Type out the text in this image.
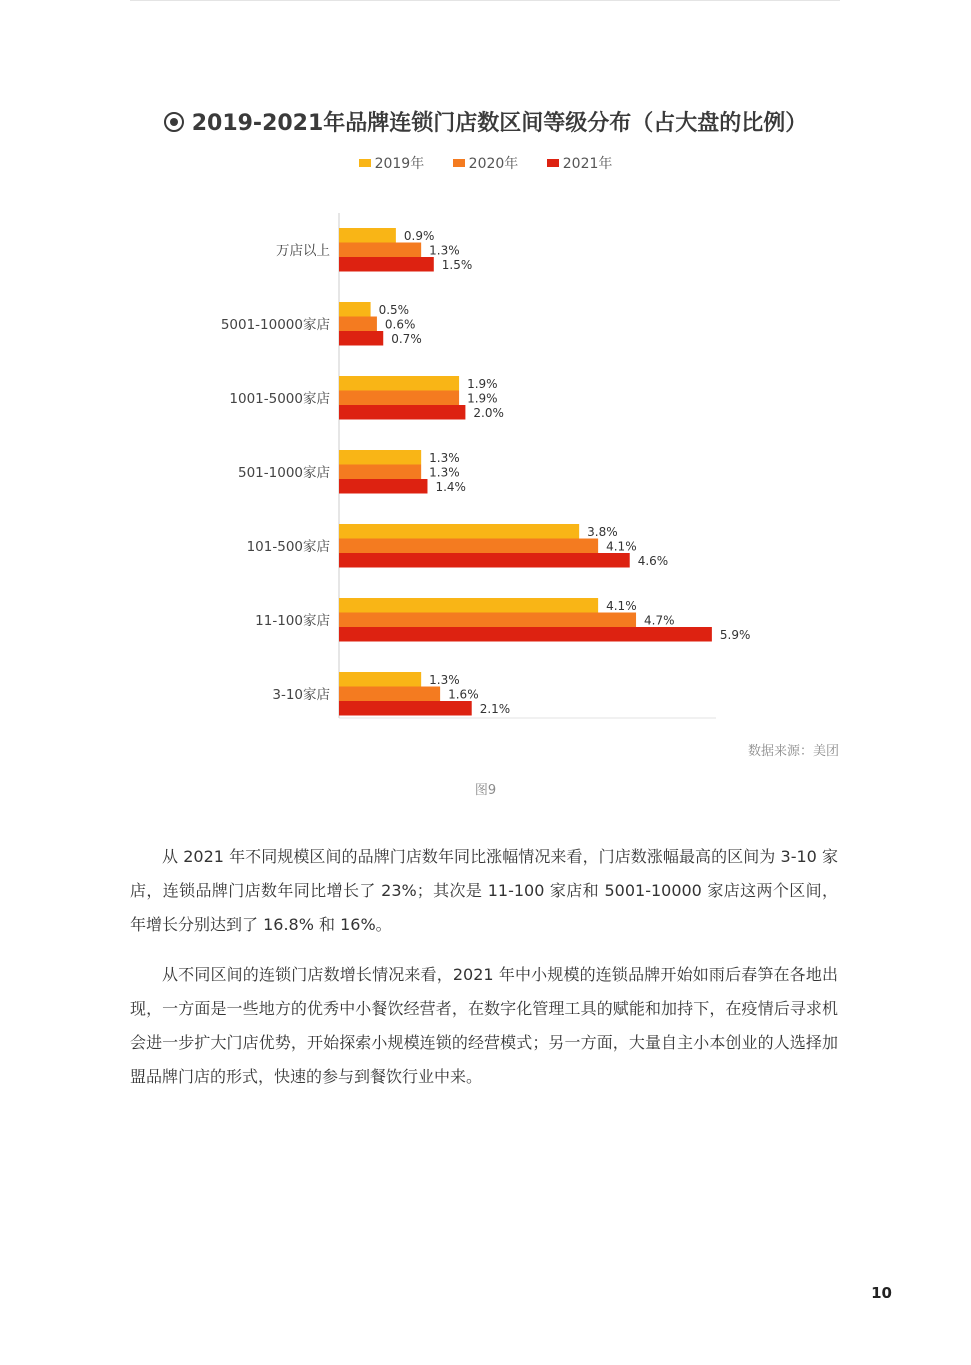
2019-2021年品牌连锁门店数区间等级分布（占大盘的比例）
2019年	2020年	2021年
万店以上
0.9%
1.3%
1.5%
5001-10000家店
0.5%
0.6%
0.7%
1001-5000家店
1.9%
1.9%
2.0%
501-1000家店
1.3%
1.3%
1.4%
101-500家店
3.8%
4.1%
4.6%
11-100家店
4.1%
4.7%
5.9%
3-10家店
1.3%
1.6%
2.1%
数据来源：美团
图9

从 2021 年不同规模区间的品牌门店数年同比涨幅情况来看，门店数涨幅最高的区间为 3-10 家店，连锁品牌门店数年同比增长了 23%；其次是 11-100 家店和 5001-10000 家店这两个区间，年增长分别达到了 16.8% 和 16%。

从不同区间的连锁门店数增长情况来看，2021 年中小规模的连锁品牌开始如雨后春笋在各地出现，一方面是一些地方的优秀中小餐饮经营者，在数字化管理工具的赋能和加持下，在疫情后寻求机会进一步扩大门店优势，开始探索小规模连锁的经营模式；另一方面，大量自主小本创业的人选择加盟品牌门店的形式，快速的参与到餐饮行业中来。

10
